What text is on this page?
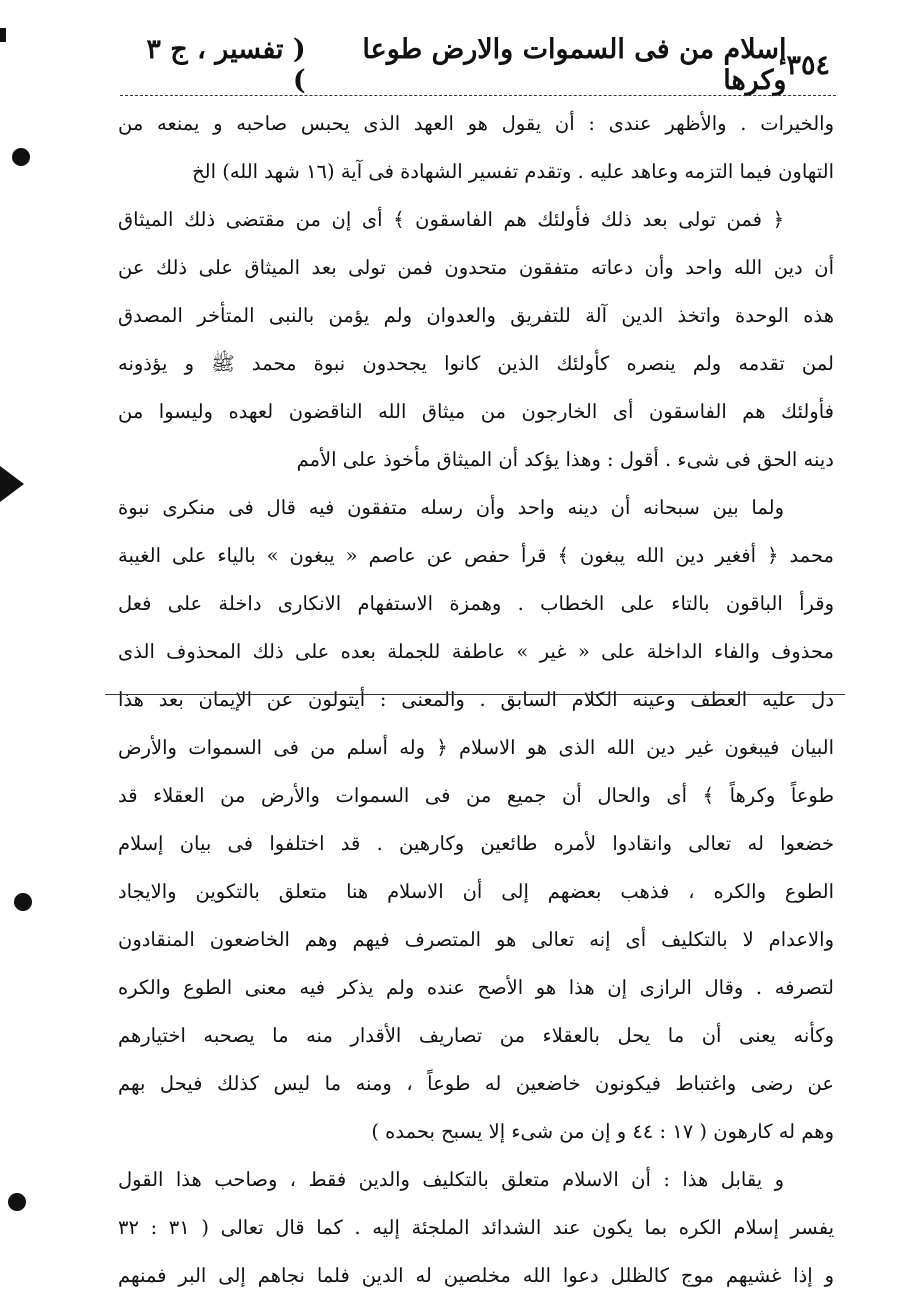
٣٥٤
إسلام من فى السموات والارض طوعا وكرها
( تفسير ، ج ٣ )
والخيرات . والأظهر عندى : أن يقول هو العهد الذى يحبس صاحبه و يمنعه من
التهاون فيما التزمه وعاهد عليه . وتقدم تفسير الشهادة فى آية (١٦ شهد الله) الخ
﴿ فمن تولى بعد ذلك فأولئك هم الفاسقون ﴾ أى إن من مقتضى ذلك الميثاق
أن دين الله واحد وأن دعاته متفقون متحدون فمن تولى بعد الميثاق على ذلك عن
هذه الوحدة واتخذ الدين آلة للتفريق والعدوان ولم يؤمن بالنبى المتأخر المصدق
لمن تقدمه ولم ينصره كأولئك الذين كانوا يجحدون نبوة محمد ﷺ و يؤذونه
فأولئك هم الفاسقون أى الخارجون من ميثاق الله الناقضون لعهده وليسوا من
دينه الحق فى شىء . أقول : وهذا يؤكد أن الميثاق مأخوذ على الأمم
ولما بين سبحانه أن دينه واحد وأن رسله متفقون فيه قال فى منكرى نبوة
محمد ﴿ أفغير دين الله يبغون ﴾ قرأ حفص عن عاصم « يبغون » بالياء على الغيبة
وقرأ الباقون بالتاء على الخطاب . وهمزة الاستفهام الانكارى داخلة على فعل
محذوف والفاء الداخلة على « غير » عاطفة للجملة بعده على ذلك المحذوف الذى
دل عليه العطف وعينه الكلام السابق . والمعنى : أيتولون عن الإيمان بعد هذا
البيان فيبغون غير دين الله الذى هو الاسلام ﴿ وله أسلم من فى السموات والأرض
طوعاً وكرهاً ﴾ أى والحال أن جميع من فى السموات والأرض من العقلاء قد
خضعوا له تعالى وانقادوا لأمره طائعين وكارهين . قد اختلفوا فى بيان إسلام
الطوع والكره ، فذهب بعضهم إلى أن الاسلام هنا متعلق بالتكوين والايجاد
والاعدام لا بالتكليف أى إنه تعالى هو المتصرف فيهم وهم الخاضعون المنقادون
لتصرفه . وقال الرازى إن هذا هو الأصح عنده ولم يذكر فيه معنى الطوع والكره
وكأنه يعنى أن ما يحل بالعقلاء من تصاريف الأقدار منه ما يصحبه اختيارهم
عن رضى واغتباط فيكونون خاضعين له طوعاً ، ومنه ما ليس كذلك فيحل بهم
وهم له كارهون ( ١٧ : ٤٤ و إن من شىء إلا يسبح بحمده )
و يقابل هذا : أن الاسلام متعلق بالتكليف والدين فقط ، وصاحب هذا القول
يفسر إسلام الكره بما يكون عند الشدائد الملجئة إليه . كما قال تعالى ( ٣١ : ٣٢
و إذا غشيهم موج كالظلل دعوا الله مخلصين له الدين فلما نجاهم إلى البر فمنهم
